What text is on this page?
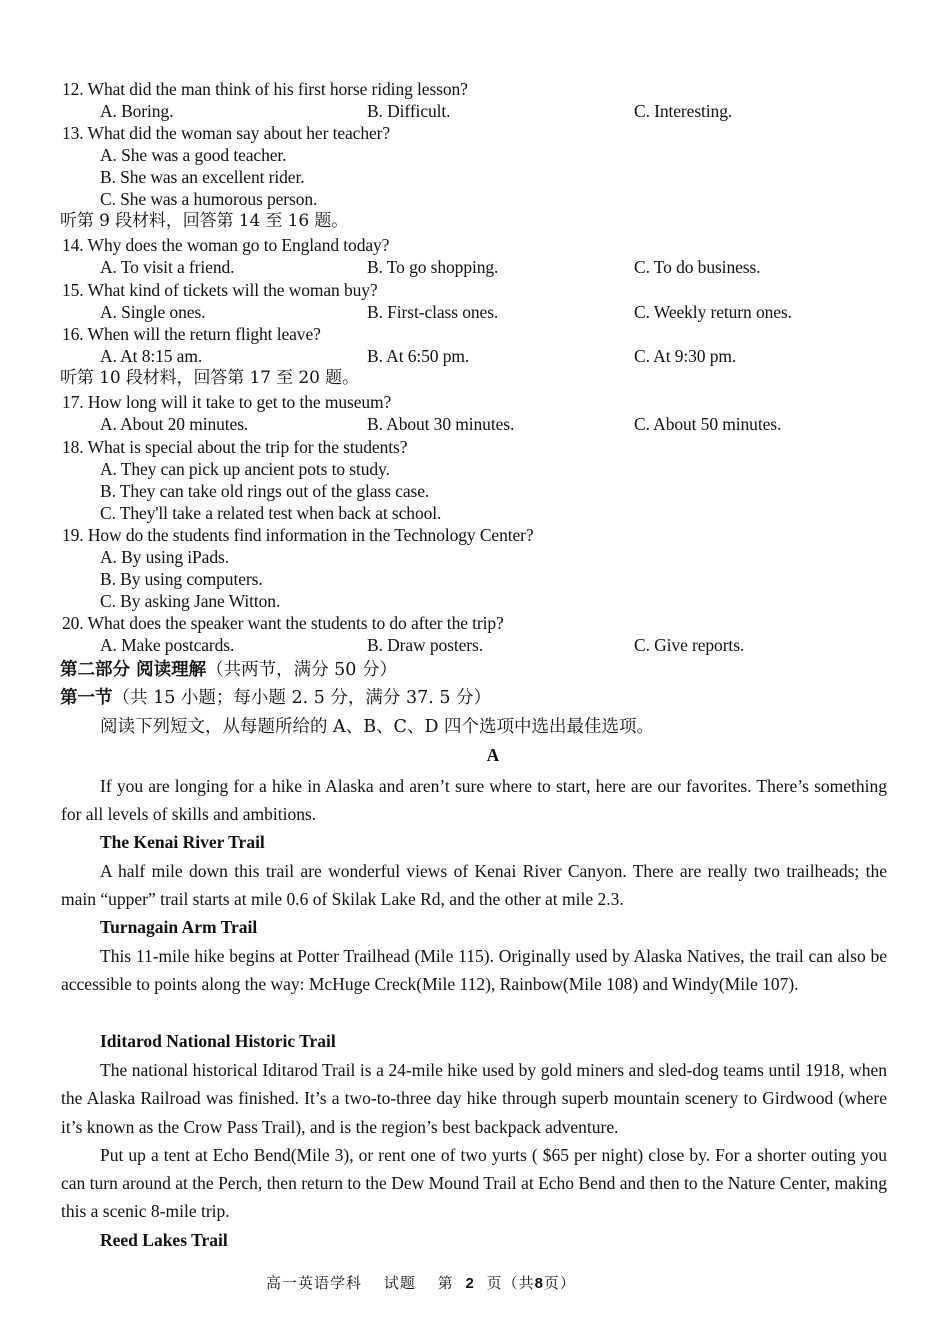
12. What did the man think of his first horse riding lesson?
A. Boring.	B. Difficult.	C. Interesting.
13. What did the woman say about her teacher?
A. She was a good teacher.
B. She was an excellent rider.
C. She was a humorous person.
听第 9 段材料，回答第 14 至 16 题。
14. Why does the woman go to England today?
A. To visit a friend.	B. To go shopping.	C. To do business.
15. What kind of tickets will the woman buy?
A. Single ones.	B. First-class ones.	C. Weekly return ones.
16. When will the return flight leave?
A. At 8:15 am.	B. At 6:50 pm.	C. At 9:30 pm.
听第 10 段材料，回答第 17 至 20 题。
17. How long will it take to get to the museum?
A. About 20 minutes.	B. About 30 minutes.	C. About 50 minutes.
18. What is special about the trip for the students?
A. They can pick up ancient pots to study.
B. They can take old rings out of the glass case.
C. They'll take a related test when back at school.
19. How do the students find information in the Technology Center?
A. By using iPads.
B. By using computers.
C. By asking Jane Witton.
20. What does the speaker want the students to do after the trip?
A. Make postcards.	B. Draw posters.	C. Give reports.
第二部分 阅读理解（共两节，满分 50 分）
第一节（共 15 小题；每小题 2. 5 分，满分 37. 5 分）
阅读下列短文，从每题所给的 A、B、C、D 四个选项中选出最佳选项。
A

If you are longing for a hike in Alaska and aren’t sure where to start, here are our favorites. There’s something for all levels of skills and ambitions.

The Kenai River Trail

A half mile down this trail are wonderful views of Kenai River Canyon. There are really two trailheads; the main “upper” trail starts at mile 0.6 of Skilak Lake Rd, and the other at mile 2.3.

Turnagain Arm Trail

This 11-mile hike begins at Potter Trailhead (Mile 115). Originally used by Alaska Natives, the trail can also be accessible to points along the way: McHuge Creck(Mile 112), Rainbow(Mile 108) and Windy(Mile 107).

Iditarod National Historic Trail

The national historical Iditarod Trail is a 24-mile hike used by gold miners and sled-dog teams until 1918, when the Alaska Railroad was finished. It’s a two-to-three day hike through superb mountain scenery to Girdwood (where it’s known as the Crow Pass Trail), and is the region’s best backpack adventure.

Put up a tent at Echo Bend(Mile 3), or rent one of two yurts ( $65 per night) close by. For a shorter outing you can turn around at the Perch, then return to the Dew Mound Trail at Echo Bend and then to the Nature Center, making this a scenic 8-mile trip.

Reed Lakes Trail
高一英语学科 试题 第 2 页（共8页）
